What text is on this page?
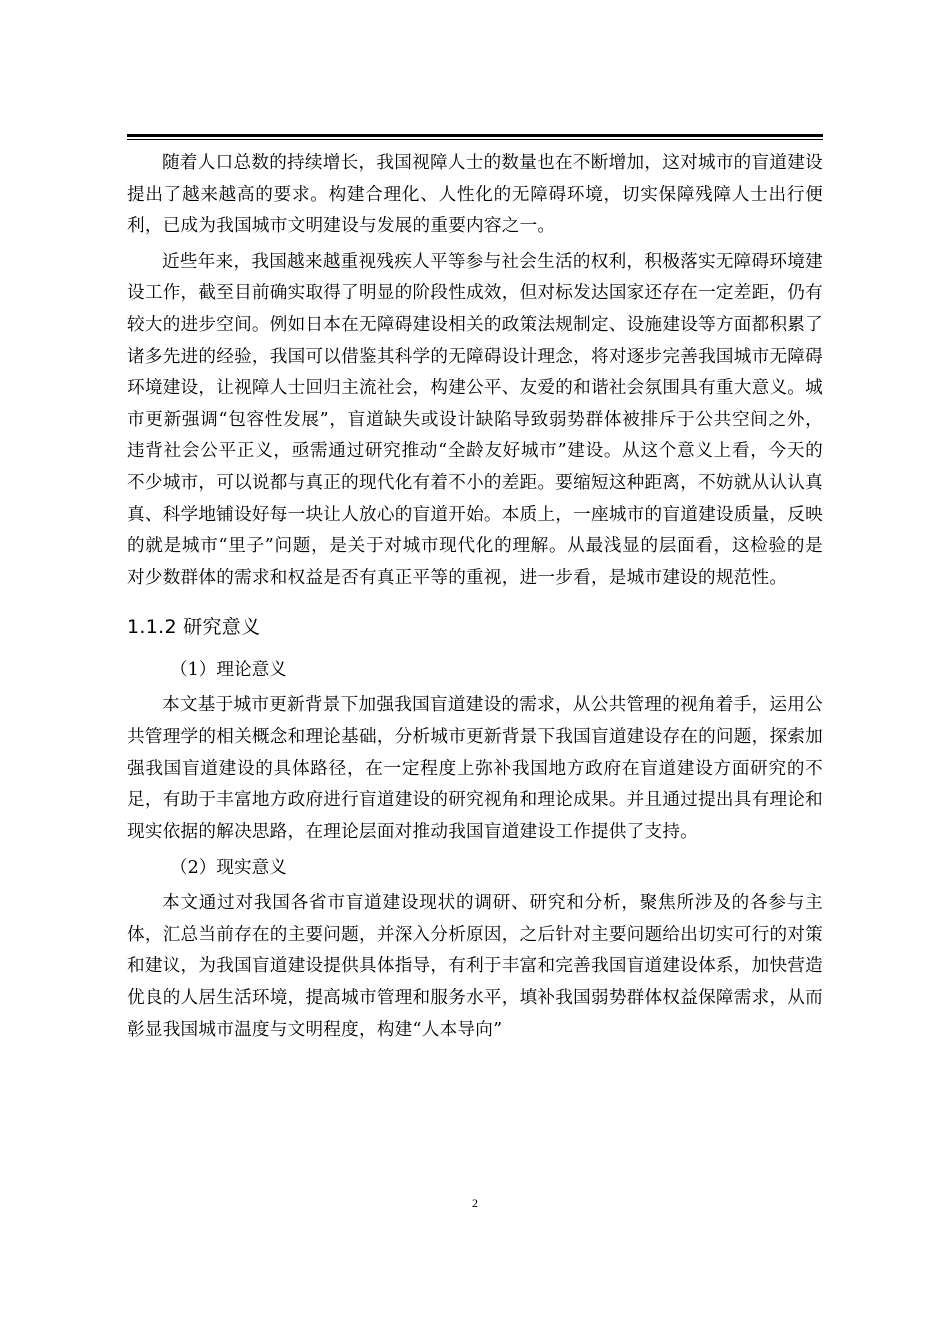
随着人口总数的持续增长，我国视障人士的数量也在不断增加，这对城市的盲道建设提出了越来越高的要求。构建合理化、人性化的无障碍环境，切实保障残障人士出行便利，已成为我国城市文明建设与发展的重要内容之一。

近些年来，我国越来越重视残疾人平等参与社会生活的权利，积极落实无障碍环境建设工作，截至目前确实取得了明显的阶段性成效，但对标发达国家还存在一定差距，仍有较大的进步空间。例如日本在无障碍建设相关的政策法规制定、设施建设等方面都积累了诸多先进的经验，我国可以借鉴其科学的无障碍设计理念，将对逐步完善我国城市无障碍环境建设，让视障人士回归主流社会，构建公平、友爱的和谐社会氛围具有重大意义。城市更新强调“包容性发展”，盲道缺失或设计缺陷导致弱势群体被排斥于公共空间之外，违背社会公平正义，亟需通过研究推动“全龄友好城市”建设。从这个意义上看，今天的不少城市，可以说都与真正的现代化有着不小的差距。要缩短这种距离，不妨就从认认真真、科学地铺设好每一块让人放心的盲道开始。本质上，一座城市的盲道建设质量，反映的就是城市“里子”问题，是关于对城市现代化的理解。从最浅显的层面看，这检验的是对少数群体的需求和权益是否有真正平等的重视，进一步看，是城市建设的规范性。

1.1.2 研究意义

（1）理论意义

本文基于城市更新背景下加强我国盲道建设的需求，从公共管理的视角着手，运用公共管理学的相关概念和理论基础，分析城市更新背景下我国盲道建设存在的问题，探索加强我国盲道建设的具体路径，在一定程度上弥补我国地方政府在盲道建设方面研究的不足，有助于丰富地方政府进行盲道建设的研究视角和理论成果。并且通过提出具有理论和现实依据的解决思路，在理论层面对推动我国盲道建设工作提供了支持。

（2）现实意义

本文通过对我国各省市盲道建设现状的调研、研究和分析，聚焦所涉及的各参与主体，汇总当前存在的主要问题，并深入分析原因，之后针对主要问题给出切实可行的对策和建议，为我国盲道建设提供具体指导，有利于丰富和完善我国盲道建设体系，加快营造优良的人居生活环境，提高城市管理和服务水平，填补我国弱势群体权益保障需求，从而彰显我国城市温度与文明程度，构建“人本导向”

2
